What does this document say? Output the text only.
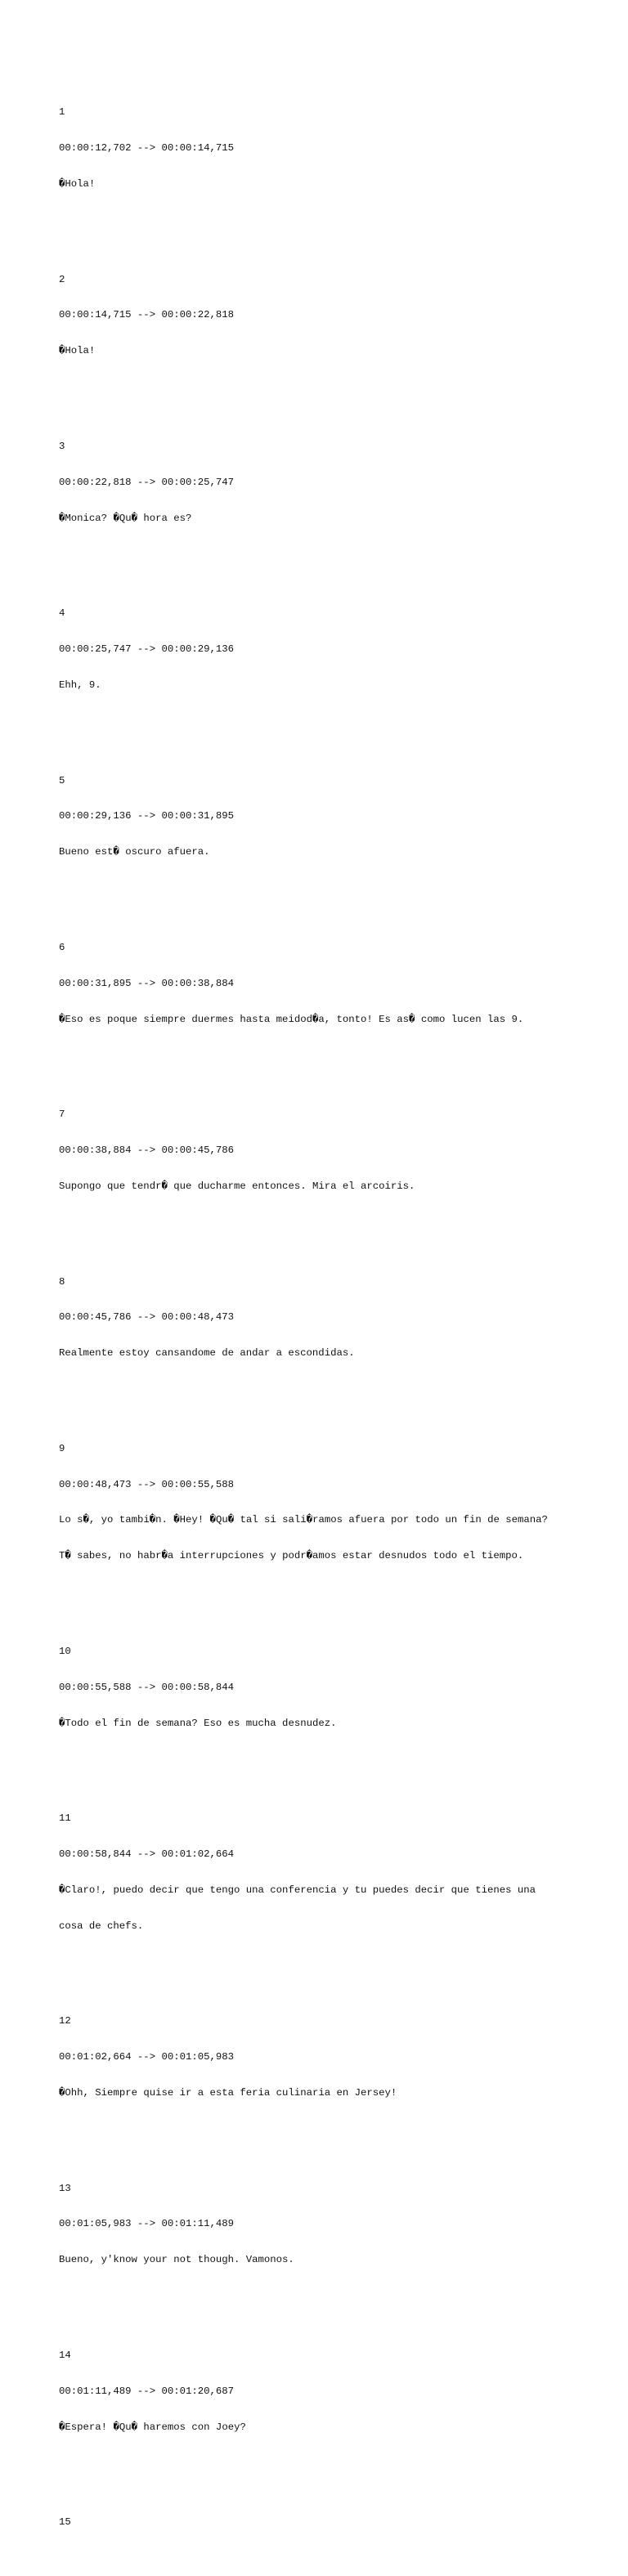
1

00:00:12,702 --> 00:00:14,715

�Hola!

2

00:00:14,715 --> 00:00:22,818

�Hola!

3

00:00:22,818 --> 00:00:25,747

�Monica? �Qu� hora es?

4

00:00:25,747 --> 00:00:29,136

Ehh, 9.

5

00:00:29,136 --> 00:00:31,895

Bueno est� oscuro afuera.

6

00:00:31,895 --> 00:00:38,884

�Eso es poque siempre duermes hasta meidod�a, tonto! Es as� como lucen las 9.

7

00:00:38,884 --> 00:00:45,786

Supongo que tendr� que ducharme entonces. Mira el arcoiris.

8

00:00:45,786 --> 00:00:48,473

Realmente estoy cansandome de andar a escondidas.

9

00:00:48,473 --> 00:00:55,588

Lo s�, yo tambi�n. �Hey! �Qu� tal si sali�ramos afuera por todo un fin de semana?

T� sabes, no habr�a interrupciones y podr�amos estar desnudos todo el tiempo.

10

00:00:55,588 --> 00:00:58,844

�Todo el fin de semana? Eso es mucha desnudez.

11

00:00:58,844 --> 00:01:02,664

�Claro!, puedo decir que tengo una conferencia y tu puedes decir que tienes una

cosa de chefs.

12

00:01:02,664 --> 00:01:05,983

�Ohh, Siempre quise ir a esta feria culinaria en Jersey!

13

00:01:05,983 --> 00:01:11,489

Bueno, y'know your not though. Vamonos.

14

00:01:11,489 --> 00:01:20,687

�Espera! �Qu� haremos con Joey?

15
